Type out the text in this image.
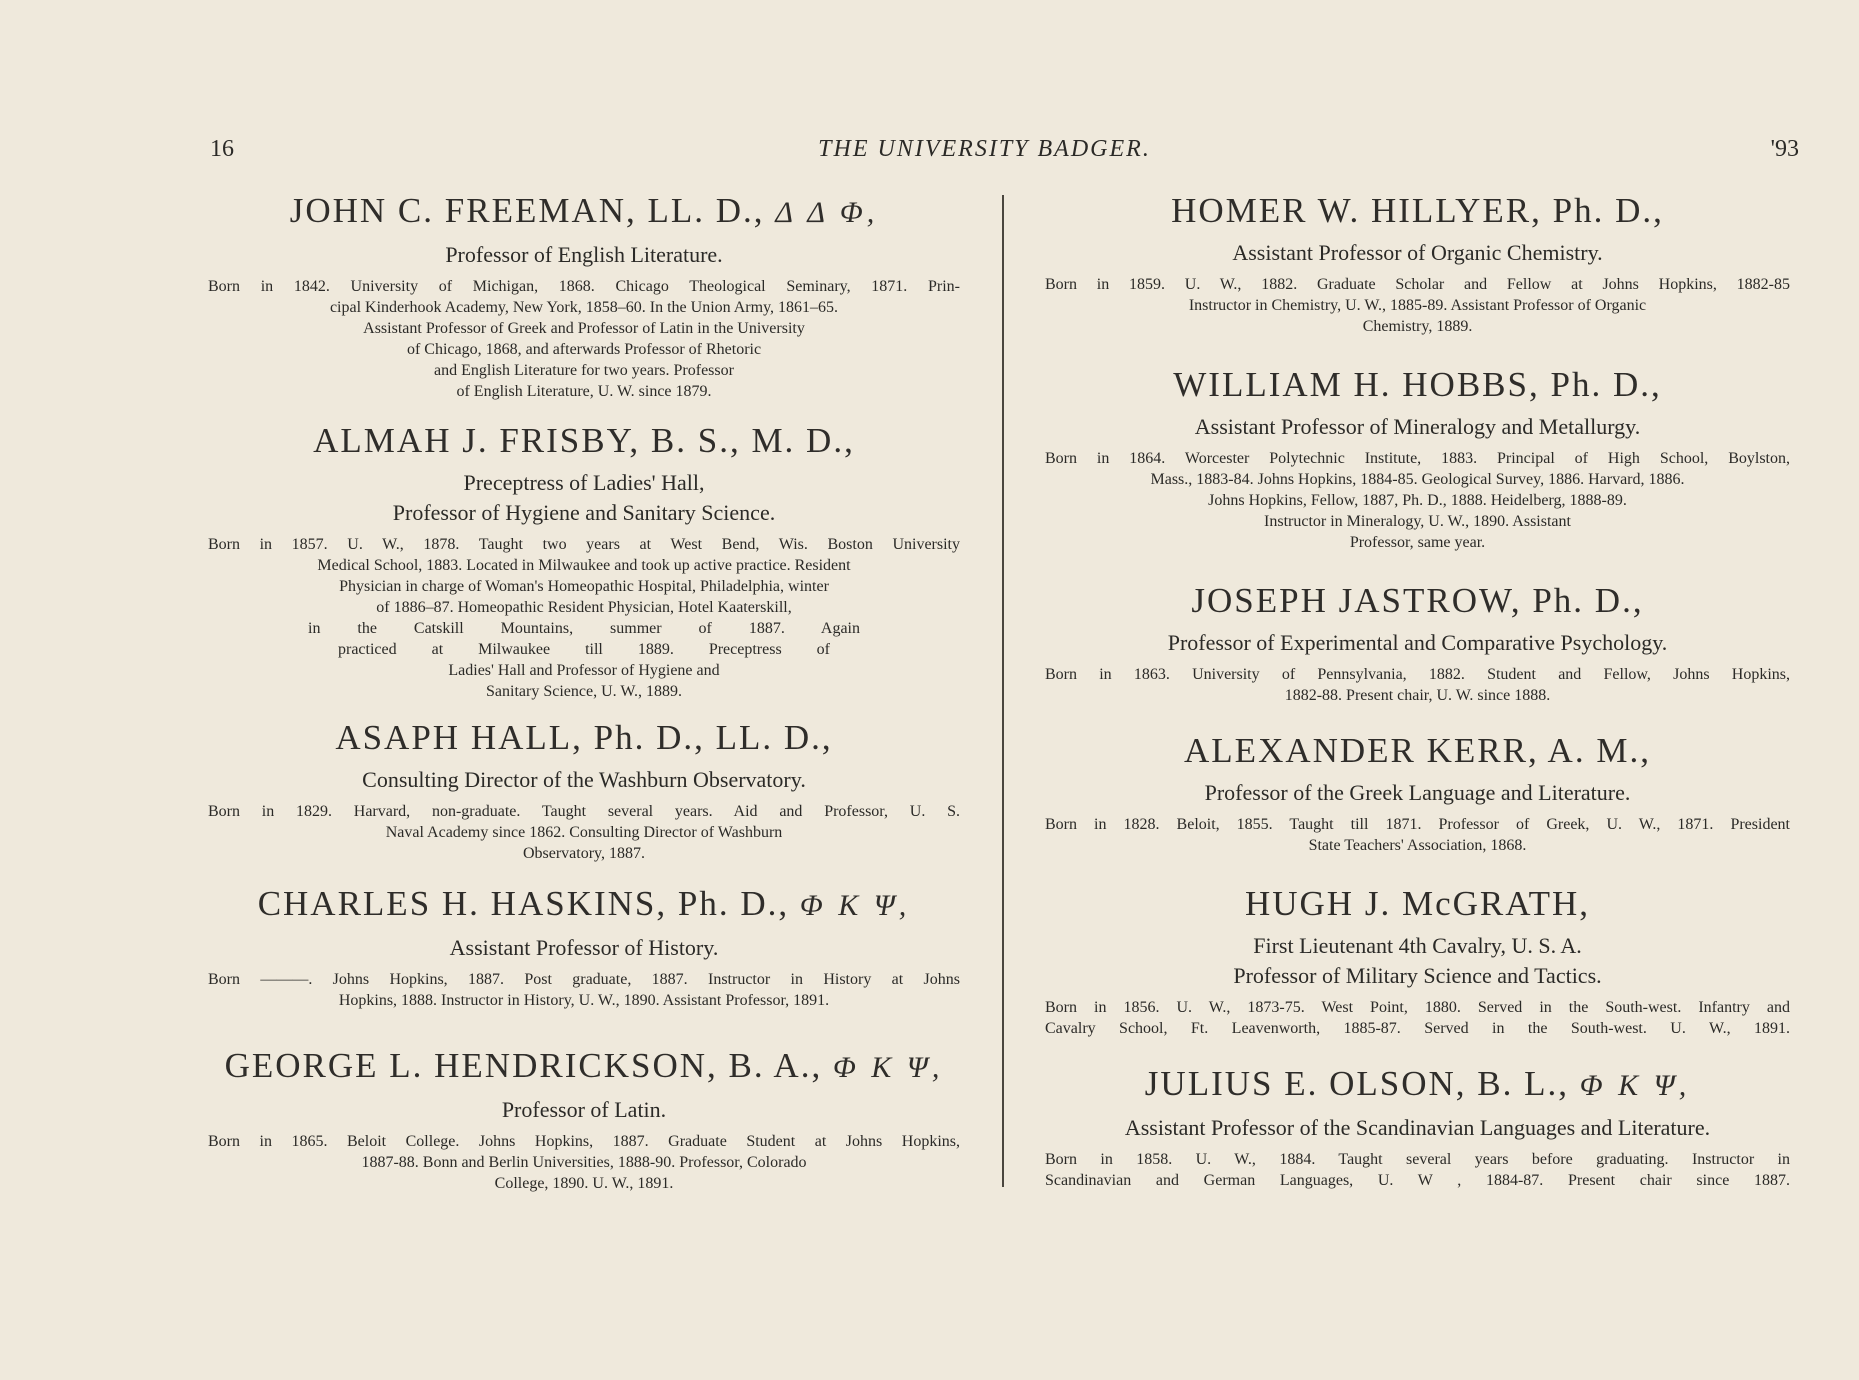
16	THE UNIVERSITY BADGER.	'93
JOHN C. FREEMAN, LL. D., Δ Δ Φ,

Professor of English Literature.

Born in 1842. University of Michigan, 1868. Chicago Theological Seminary, 1871. Prin-
cipal Kinderhook Academy, New York, 1858–60. In the Union Army, 1861–65.
Assistant Professor of Greek and Professor of Latin in the University
of Chicago, 1868, and afterwards Professor of Rhetoric
and English Literature for two years. Professor
of English Literature, U. W. since 1879.
ALMAH J. FRISBY, B. S., M. D.,

Preceptress of Ladies' Hall,

Professor of Hygiene and Sanitary Science.

Born in 1857. U. W., 1878. Taught two years at West Bend, Wis. Boston University
Medical School, 1883. Located in Milwaukee and took up active practice. Resident
Physician in charge of Woman's Homeopathic Hospital, Philadelphia, winter
of 1886–87. Homeopathic Resident Physician, Hotel Kaaterskill,
in the Catskill Mountains, summer of 1887. Again
practiced at Milwaukee till 1889. Preceptress of
Ladies' Hall and Professor of Hygiene and
Sanitary Science, U. W., 1889.
ASAPH HALL, Ph. D., LL. D.,

Consulting Director of the Washburn Observatory.

Born in 1829. Harvard, non-graduate. Taught several years. Aid and Professor, U. S.
Naval Academy since 1862. Consulting Director of Washburn
Observatory, 1887.
CHARLES H. HASKINS, Ph. D., Φ Κ Ψ,

Assistant Professor of History.

Born ———. Johns Hopkins, 1887. Post graduate, 1887. Instructor in History at Johns
Hopkins, 1888. Instructor in History, U. W., 1890. Assistant Professor, 1891.
GEORGE L. HENDRICKSON, B. A., Φ Κ Ψ,

Professor of Latin.

Born in 1865. Beloit College. Johns Hopkins, 1887. Graduate Student at Johns Hopkins,
1887-88. Bonn and Berlin Universities, 1888-90. Professor, Colorado
College, 1890. U. W., 1891.
HOMER W. HILLYER, Ph. D.,

Assistant Professor of Organic Chemistry.

Born in 1859. U. W., 1882. Graduate Scholar and Fellow at Johns Hopkins, 1882-85
Instructor in Chemistry, U. W., 1885-89. Assistant Professor of Organic
Chemistry, 1889.
WILLIAM H. HOBBS, Ph. D.,

Assistant Professor of Mineralogy and Metallurgy.

Born in 1864. Worcester Polytechnic Institute, 1883. Principal of High School, Boylston,
Mass., 1883-84. Johns Hopkins, 1884-85. Geological Survey, 1886. Harvard, 1886.
Johns Hopkins, Fellow, 1887, Ph. D., 1888. Heidelberg, 1888-89.
Instructor in Mineralogy, U. W., 1890. Assistant
Professor, same year.
JOSEPH JASTROW, Ph. D.,

Professor of Experimental and Comparative Psychology.

Born in 1863. University of Pennsylvania, 1882. Student and Fellow, Johns Hopkins,
1882-88. Present chair, U. W. since 1888.
ALEXANDER KERR, A. M.,

Professor of the Greek Language and Literature.

Born in 1828. Beloit, 1855. Taught till 1871. Professor of Greek, U. W., 1871. President
State Teachers' Association, 1868.
HUGH J. McGRATH,

First Lieutenant 4th Cavalry, U. S. A.

Professor of Military Science and Tactics.

Born in 1856. U. W., 1873-75. West Point, 1880. Served in the South-west. Infantry and
Cavalry School, Ft. Leavenworth, 1885-87. Served in the South-west. U. W., 1891.
JULIUS E. OLSON, B. L., Φ Κ Ψ,

Assistant Professor of the Scandinavian Languages and Literature.

Born in 1858. U. W., 1884. Taught several years before graduating. Instructor in
Scandinavian and German Languages, U. W , 1884-87. Present chair since 1887.
